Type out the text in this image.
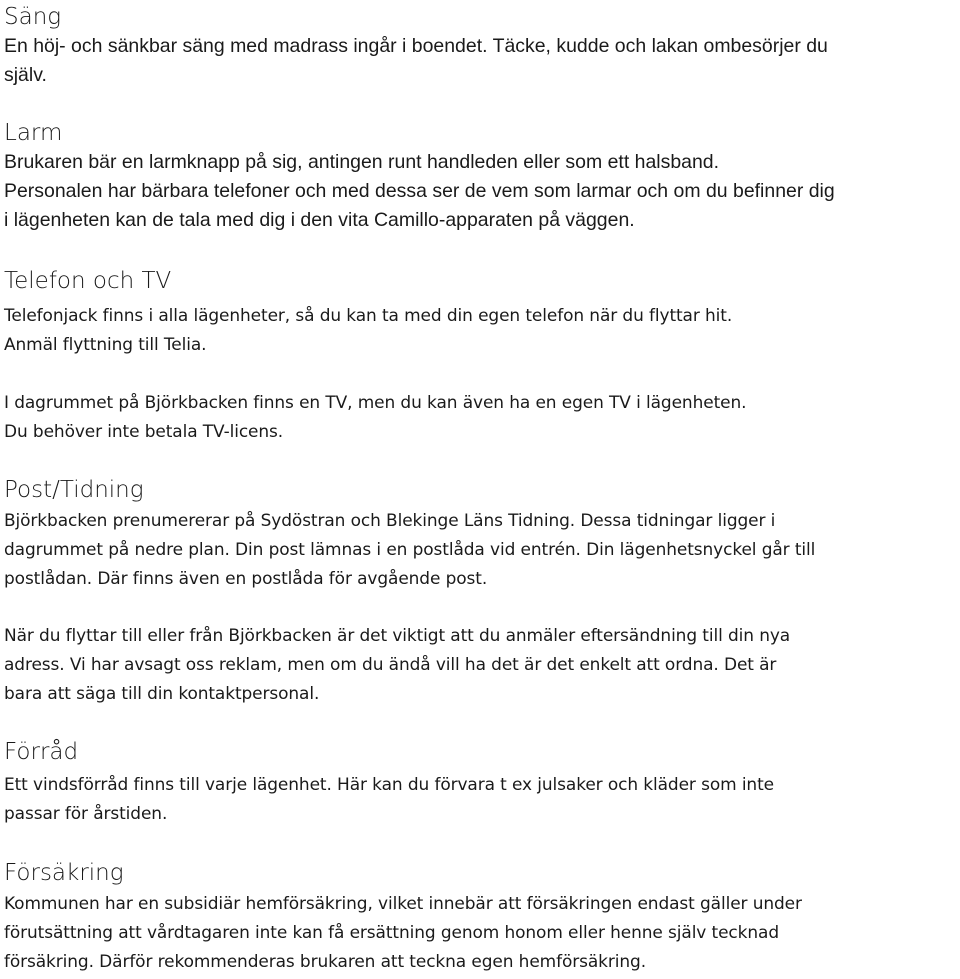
Säng

En höj- och sänkbar säng med madrass ingår i boendet. Täcke, kudde och lakan ombesörjer du
själv.

Larm

Brukaren bär en larmknapp på sig, antingen runt handleden eller som ett halsband.
Personalen har bärbara telefoner och med dessa ser de vem som larmar och om du befinner dig
i lägenheten kan de tala med dig i den vita Camillo-apparaten på väggen.

Telefon och TV

Telefonjack finns i alla lägenheter, så du kan ta med din egen telefon när du flyttar hit.
Anmäl flyttning till Telia.

I dagrummet på Björkbacken finns en TV, men du kan även ha en egen TV i lägenheten.
Du behöver inte betala TV-licens.

Post/Tidning

Björkbacken prenumererar på Sydöstran och Blekinge Läns Tidning. Dessa tidningar ligger i
dagrummet på nedre plan. Din post lämnas i en postlåda vid entrén. Din lägenhetsnyckel går till
postlådan. Där finns även en postlåda för avgående post.

När du flyttar till eller från Björkbacken är det viktigt att du anmäler eftersändning till din nya
adress. Vi har avsagt oss reklam, men om du ändå vill ha det är det enkelt att ordna. Det är
bara att säga till din kontaktpersonal.

Förråd

Ett vindsförråd finns till varje lägenhet. Här kan du förvara t ex julsaker och kläder som inte
passar för årstiden.

Försäkring

Kommunen har en subsidiär hemförsäkring, vilket innebär att försäkringen endast gäller under
förutsättning att vårdtagaren inte kan få ersättning genom honom eller henne själv tecknad
försäkring. Därför rekommenderas brukaren att teckna egen hemförsäkring.
